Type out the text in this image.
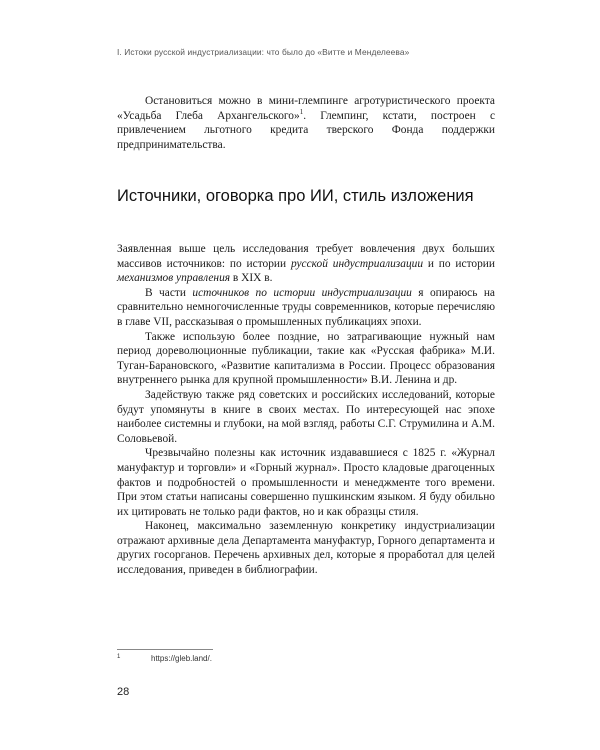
I. Истоки русской индустриализации: что было до «Витте и Менделеева»

Остановиться можно в мини-глемпинге агротуристического проекта «Усадьба Глеба Архангельского»$^1$. Глемпинг, кстати, построен с привлечением льготного кредита тверского Фонда поддержки предпринимательства.

Источники, оговорка про ИИ, стиль изложения

Заявленная выше цель исследования требует вовлечения двух больших массивов источников: по истории русской индустриализации и по истории механизмов управления в XIX в.

В части источников по истории индустриализации я опираюсь на сравнительно немногочисленные труды современников, которые перечисляю в главе VII, рассказывая о промышленных публикациях эпохи.

Также использую более поздние, но затрагивающие нужный нам период дореволюционные публикации, такие как «Русская фабрика» М.И. Туган-Барановского, «Развитие капитализма в России. Процесс образования внутреннего рынка для крупной промышленности» В.И. Ленина и др.

Задействую также ряд советских и российских исследований, которые будут упомянуты в книге в своих местах. По интересующей нас эпохе наиболее системны и глубоки, на мой взгляд, работы С.Г. Струмилина и А.М. Соловьевой.

Чрезвычайно полезны как источник издававшиеся с 1825 г. «Журнал мануфактур и торговли» и «Горный журнал». Просто кладовые драгоценных фактов и подробностей о промышленности и менеджменте того времени. При этом статьи написаны совершенно пушкинским языком. Я буду обильно их цитировать не только ради фактов, но и как образцы стиля.

Наконец, максимально заземленную конкретику индустриализации отражают архивные дела Департамента мануфактур, Горного департамента и других госорганов. Перечень архивных дел, которые я проработал для целей исследования, приведен в библиографии.

1	https://gleb.land/.
28
